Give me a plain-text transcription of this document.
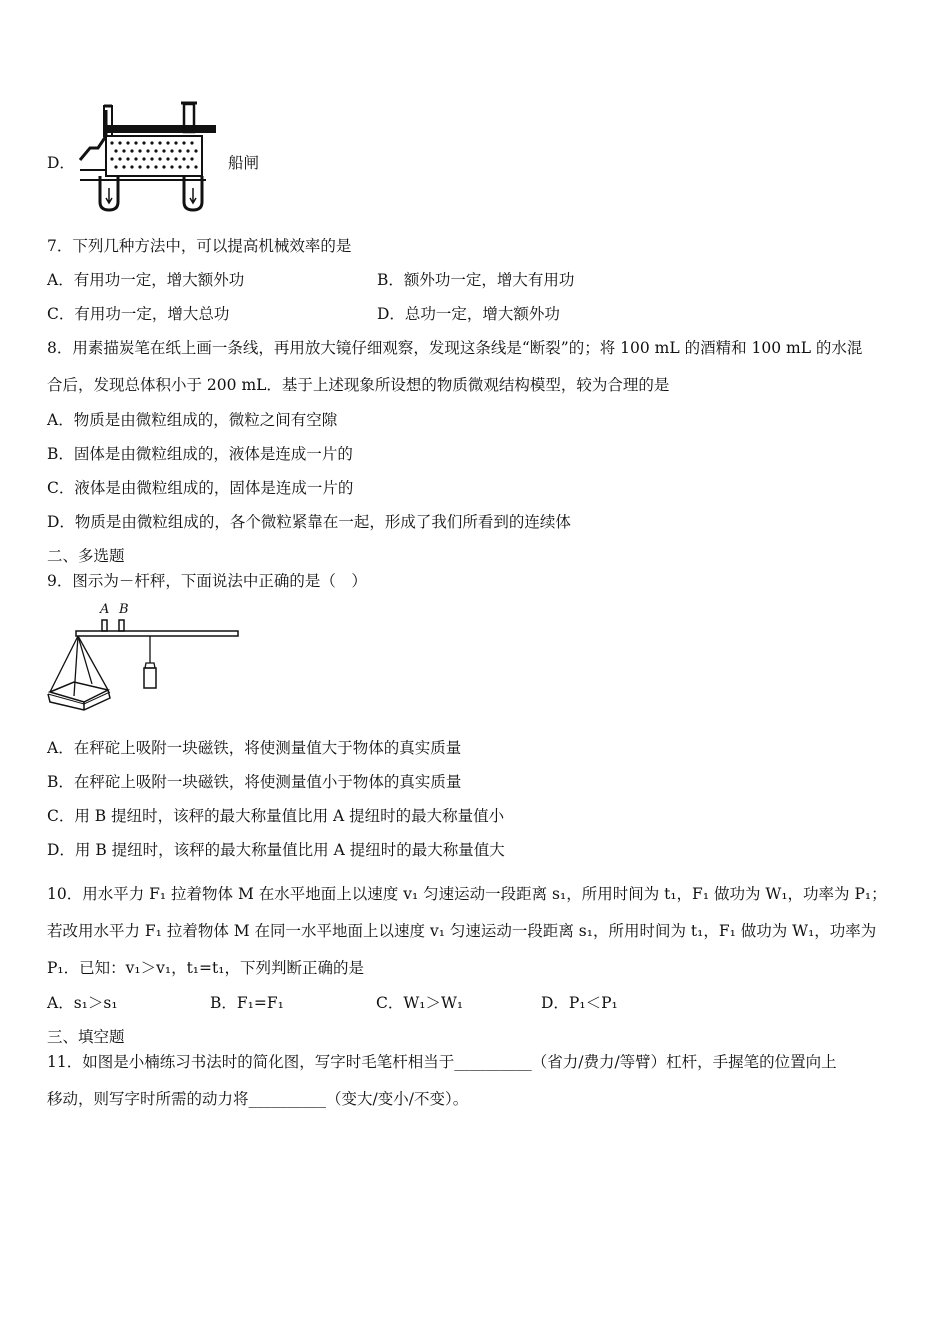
D．	船闸
7．下列几种方法中，可以提高机械效率的是
A．有用功一定，增大额外功	B．额外功一定，增大有用功
C．有用功一定，增大总功	D．总功一定，增大额外功
8．用素描炭笔在纸上画一条线，再用放大镜仔细观察，发现这条线是“断裂”的；将 100 mL 的酒精和 100 mL 的水混
合后，发现总体积小于 200 mL．基于上述现象所设想的物质微观结构模型，较为合理的是
A．物质是由微粒组成的，微粒之间有空隙
B．固体是由微粒组成的，液体是连成一片的
C．液体是由微粒组成的，固体是连成一片的
D．物质是由微粒组成的，各个微粒紧靠在一起，形成了我们所看到的连续体
二、多选题
9．图示为－杆秤，下面说法中正确的是（　）
A B
A．在秤砣上吸附一块磁铁，将使测量值大于物体的真实质量
B．在秤砣上吸附一块磁铁，将使测量值小于物体的真实质量
C．用 B 提纽时，该秤的最大称量值比用 A 提纽时的最大称量值小
D．用 B 提纽时，该秤的最大称量值比用 A 提纽时的最大称量值大
10．用水平力 F₁ 拉着物体 M 在水平地面上以速度 v₁ 匀速运动一段距离 s₁，所用时间为 t₁，F₁ 做功为 W₁，功率为 P₁；
若改用水平力 F₁ 拉着物体 M 在同一水平地面上以速度 v₁ 匀速运动一段距离 s₁，所用时间为 t₁，F₁ 做功为 W₁，功率为
P₁．已知：v₁＞v₁，t₁=t₁，下列判断正确的是
A．s₁＞s₁	B．F₁=F₁	C．W₁＞W₁	D．P₁＜P₁
三、填空题
11．如图是小楠练习书法时的简化图，写字时毛笔杆相当于__________（省力/费力/等臂）杠杆，手握笔的位置向上
移动，则写字时所需的动力将__________（变大/变小/不变）。
